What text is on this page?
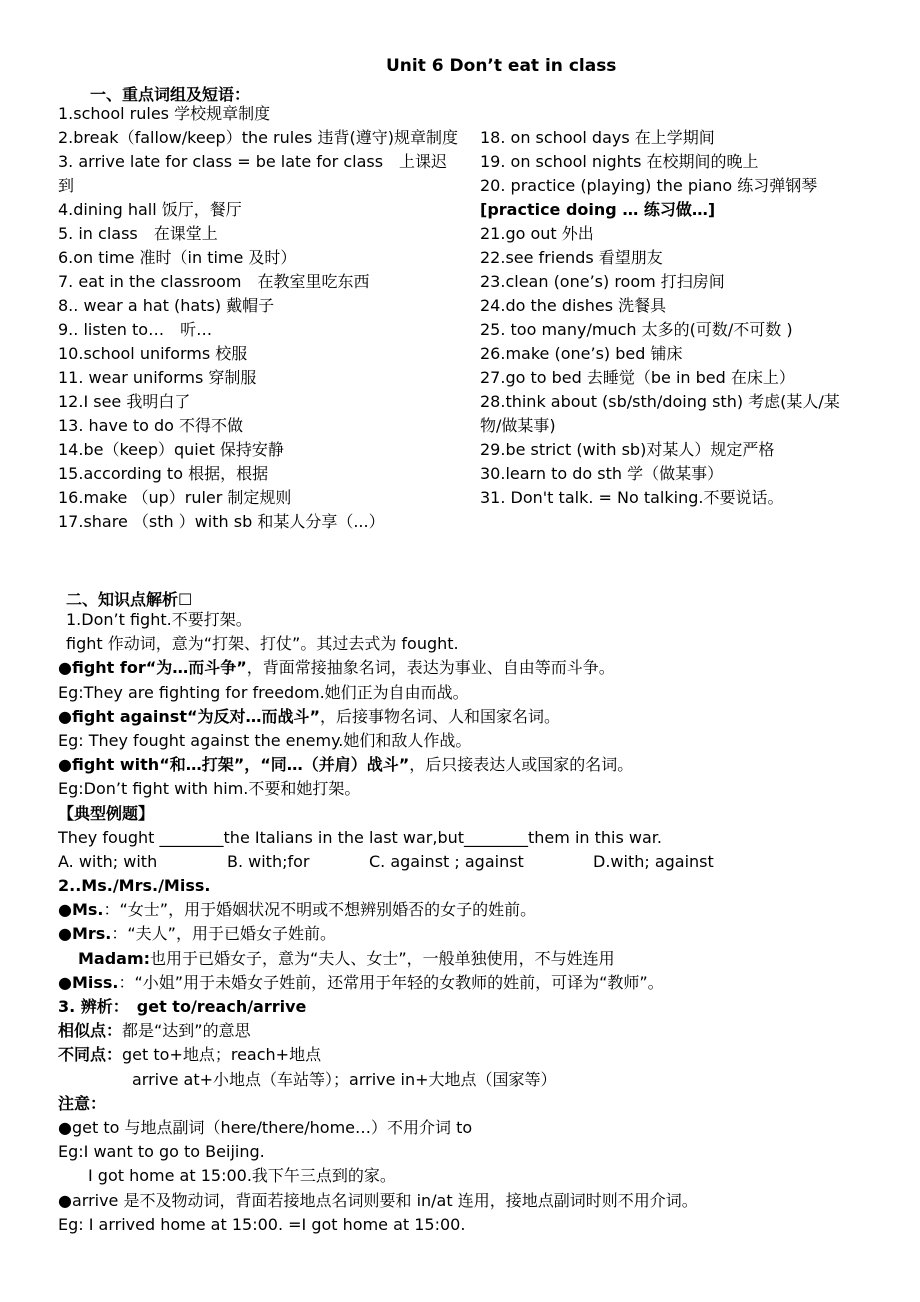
Unit 6 Don’t eat in class
一、重点词组及短语：
1.school rules 学校规章制度
2.break（fallow/keep）the rules 违背(遵守)规章制度
3. arrive late for class = be late for class　上课迟到
4.dining hall 饭厅，餐厅
5. in class　在课堂上
6.on time 准时（in time 及时）
7. eat in the classroom　在教室里吃东西
8.. wear a hat (hats) 戴帽子
9.. listen to…　听…
10.school uniforms 校服
11. wear uniforms 穿制服
12.I see 我明白了
13. have to do 不得不做
14.be（keep）quiet 保持安静
15.according to 根据，根据
16.make （up）ruler 制定规则
17.share （sth ）with sb 和某人分享（...）
18. on school days 在上学期间
19. on school nights 在校期间的晚上
20. practice (playing) the piano 练习弹钢琴
[practice doing … 练习做…]
21.go out 外出
22.see friends 看望朋友
23.clean (one’s) room 打扫房间
24.do the dishes 洗餐具
25. too many/much 太多的(可数/不可数 )
26.make (one’s) bed 铺床
27.go to bed 去睡觉（be in bed 在床上）
28.think about (sb/sth/doing sth) 考虑(某人/某物/做某事)
29.be strict (with sb)对某人）规定严格
30.learn to do sth 学（做某事）
31. Don't talk. = No talking.不要说话。
二、知识点解析☐
1.Don’t fight.不要打架。
fight 作动词，意为“打架、打仗”。其过去式为 fought.
●fight for“为…而斗争”，背面常接抽象名词，表达为事业、自由等而斗争。
Eg:They are fighting for freedom.她们正为自由而战。
●fight against“为反对…而战斗”，后接事物名词、人和国家名词。
Eg: They fought against the enemy.她们和敌人作战。
●fight with“和…打架”，“同…（并肩）战斗”，后只接表达人或国家的名词。
Eg:Don’t fight with him.不要和她打架。
【典型例题】
They fought ________the Italians in the last war,but________them in this war.
A. with; with	B. with;for	C. against ; against	D.with; against
2..Ms./Mrs./Miss.
●Ms.：“女士”，用于婚姻状况不明或不想辨别婚否的女子的姓前。
●Mrs.：“夫人”，用于已婚女子姓前。
Madam:也用于已婚女子，意为“夫人、女士”，一般单独使用，不与姓连用
●Miss.：“小姐”用于未婚女子姓前，还常用于年轻的女教师的姓前，可译为“教师”。
3. 辨析：　get to/reach/arrive
相似点：都是“达到”的意思
不同点：get to+地点；reach+地点
arrive at+小地点（车站等）；arrive in+大地点（国家等）
注意：
●get to 与地点副词（here/there/home…）不用介词 to
Eg:I want to go to Beijing.
I got home at 15:00.我下午三点到的家。
●arrive 是不及物动词，背面若接地点名词则要和 in/at 连用，接地点副词时则不用介词。
Eg: I arrived home at 15:00. =I got home at 15:00.
